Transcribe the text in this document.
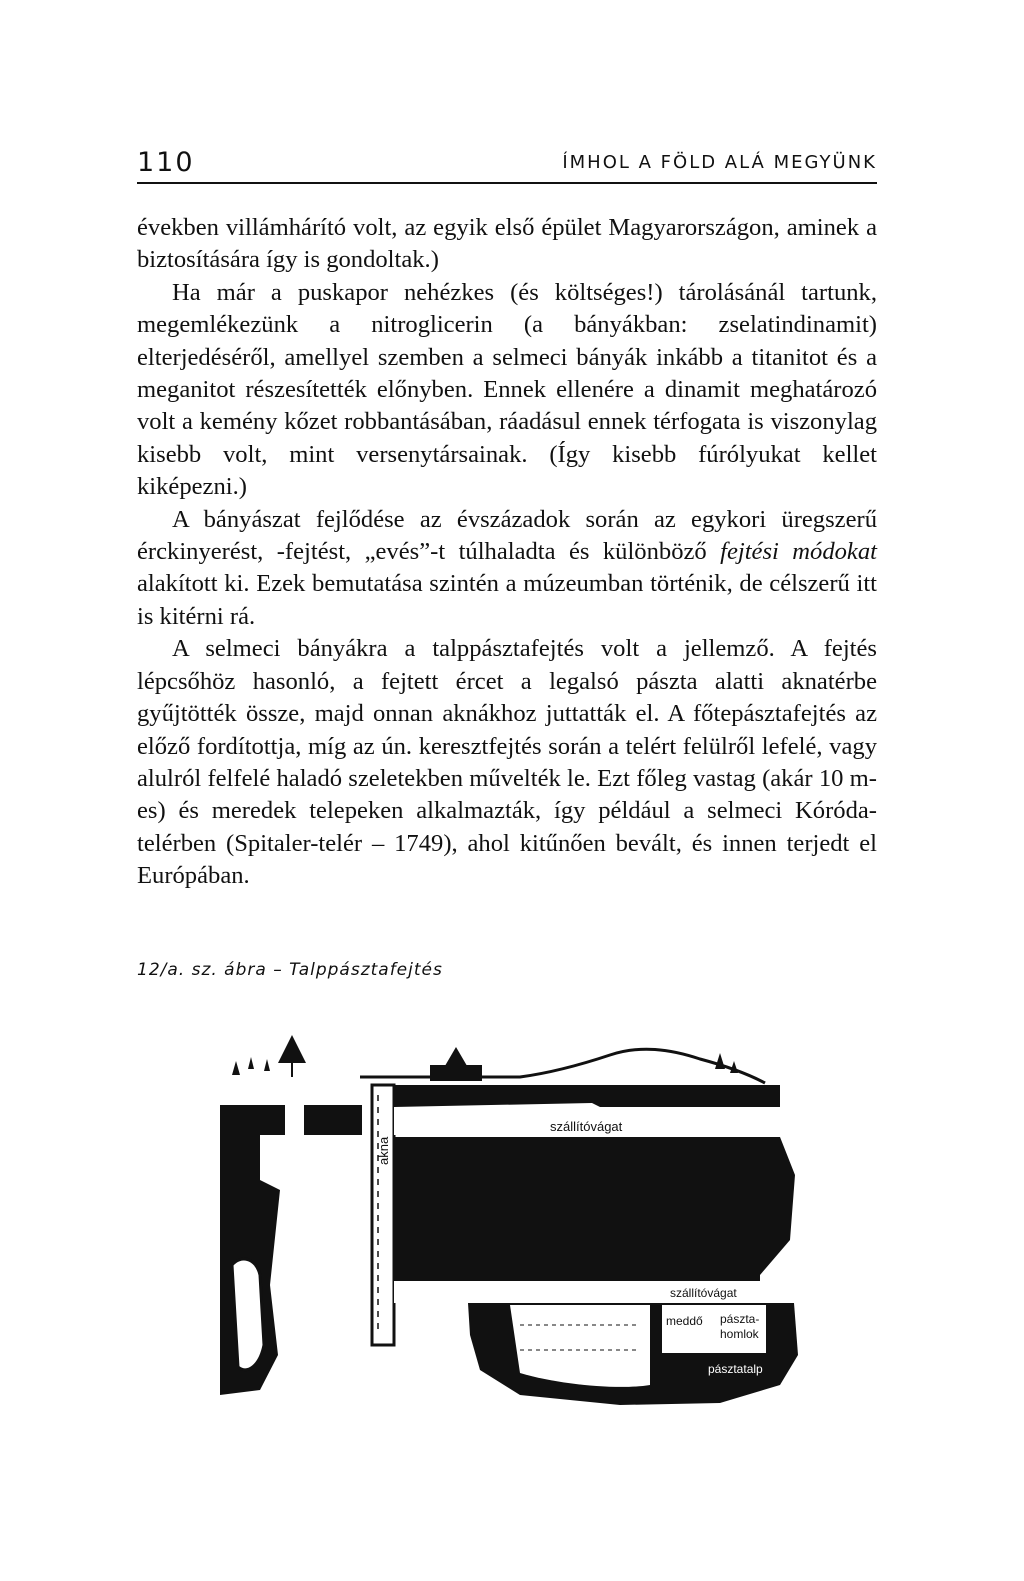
110	ÍMHOL A FÖLD ALÁ MEGYÜNK

években villámhárító volt, az egyik első épület Magyarországon, aminek a biztosítására így is gondoltak.)

Ha már a puskapor nehézkes (és költséges!) tárolásánál tartunk, megemlékezünk a nitroglicerin (a bányákban: zselatindinamit) elterjedéséről, amellyel szemben a selmeci bányák inkább a titanitot és a meganitot részesítették előnyben. Ennek ellenére a dinamit meghatározó volt a kemény kőzet robbantásában, ráadásul ennek térfogata is viszonylag kisebb volt, mint versenytársainak. (Így kisebb fúrólyukat kellet kiképezni.)

A bányászat fejlődése az évszázadok során az egykori üregszerű érckinyerést, -fejtést, „evés”-t túlhaladta és különböző fejtési módokat alakított ki. Ezek bemutatása szintén a múzeumban történik, de célszerű itt is kitérni rá.

A selmeci bányákra a talppásztafejtés volt a jellemző. A fejtés lépcsőhöz hasonló, a fejtett ércet a legalsó pászta alatti aknatérbe gyűjtötték össze, majd onnan aknákhoz juttatták el. A főtepásztafejtés az előző fordítottja, míg az ún. keresztfejtés során a telért felülről lefelé, vagy alulról felfelé haladó szeletekben művelték le. Ezt főleg vastag (akár 10 m-es) és meredek telepeken alkalmazták, így például a selmeci Kóróda-telérben (Spitaler-telér – 1749), ahol kitűnően bevált, és innen terjedt el Európában.

12/a. sz. ábra – Talppásztafejtés
akna
szállítóvágat
szállítóvágat
meddő pászta-
homlok
pásztatalp
